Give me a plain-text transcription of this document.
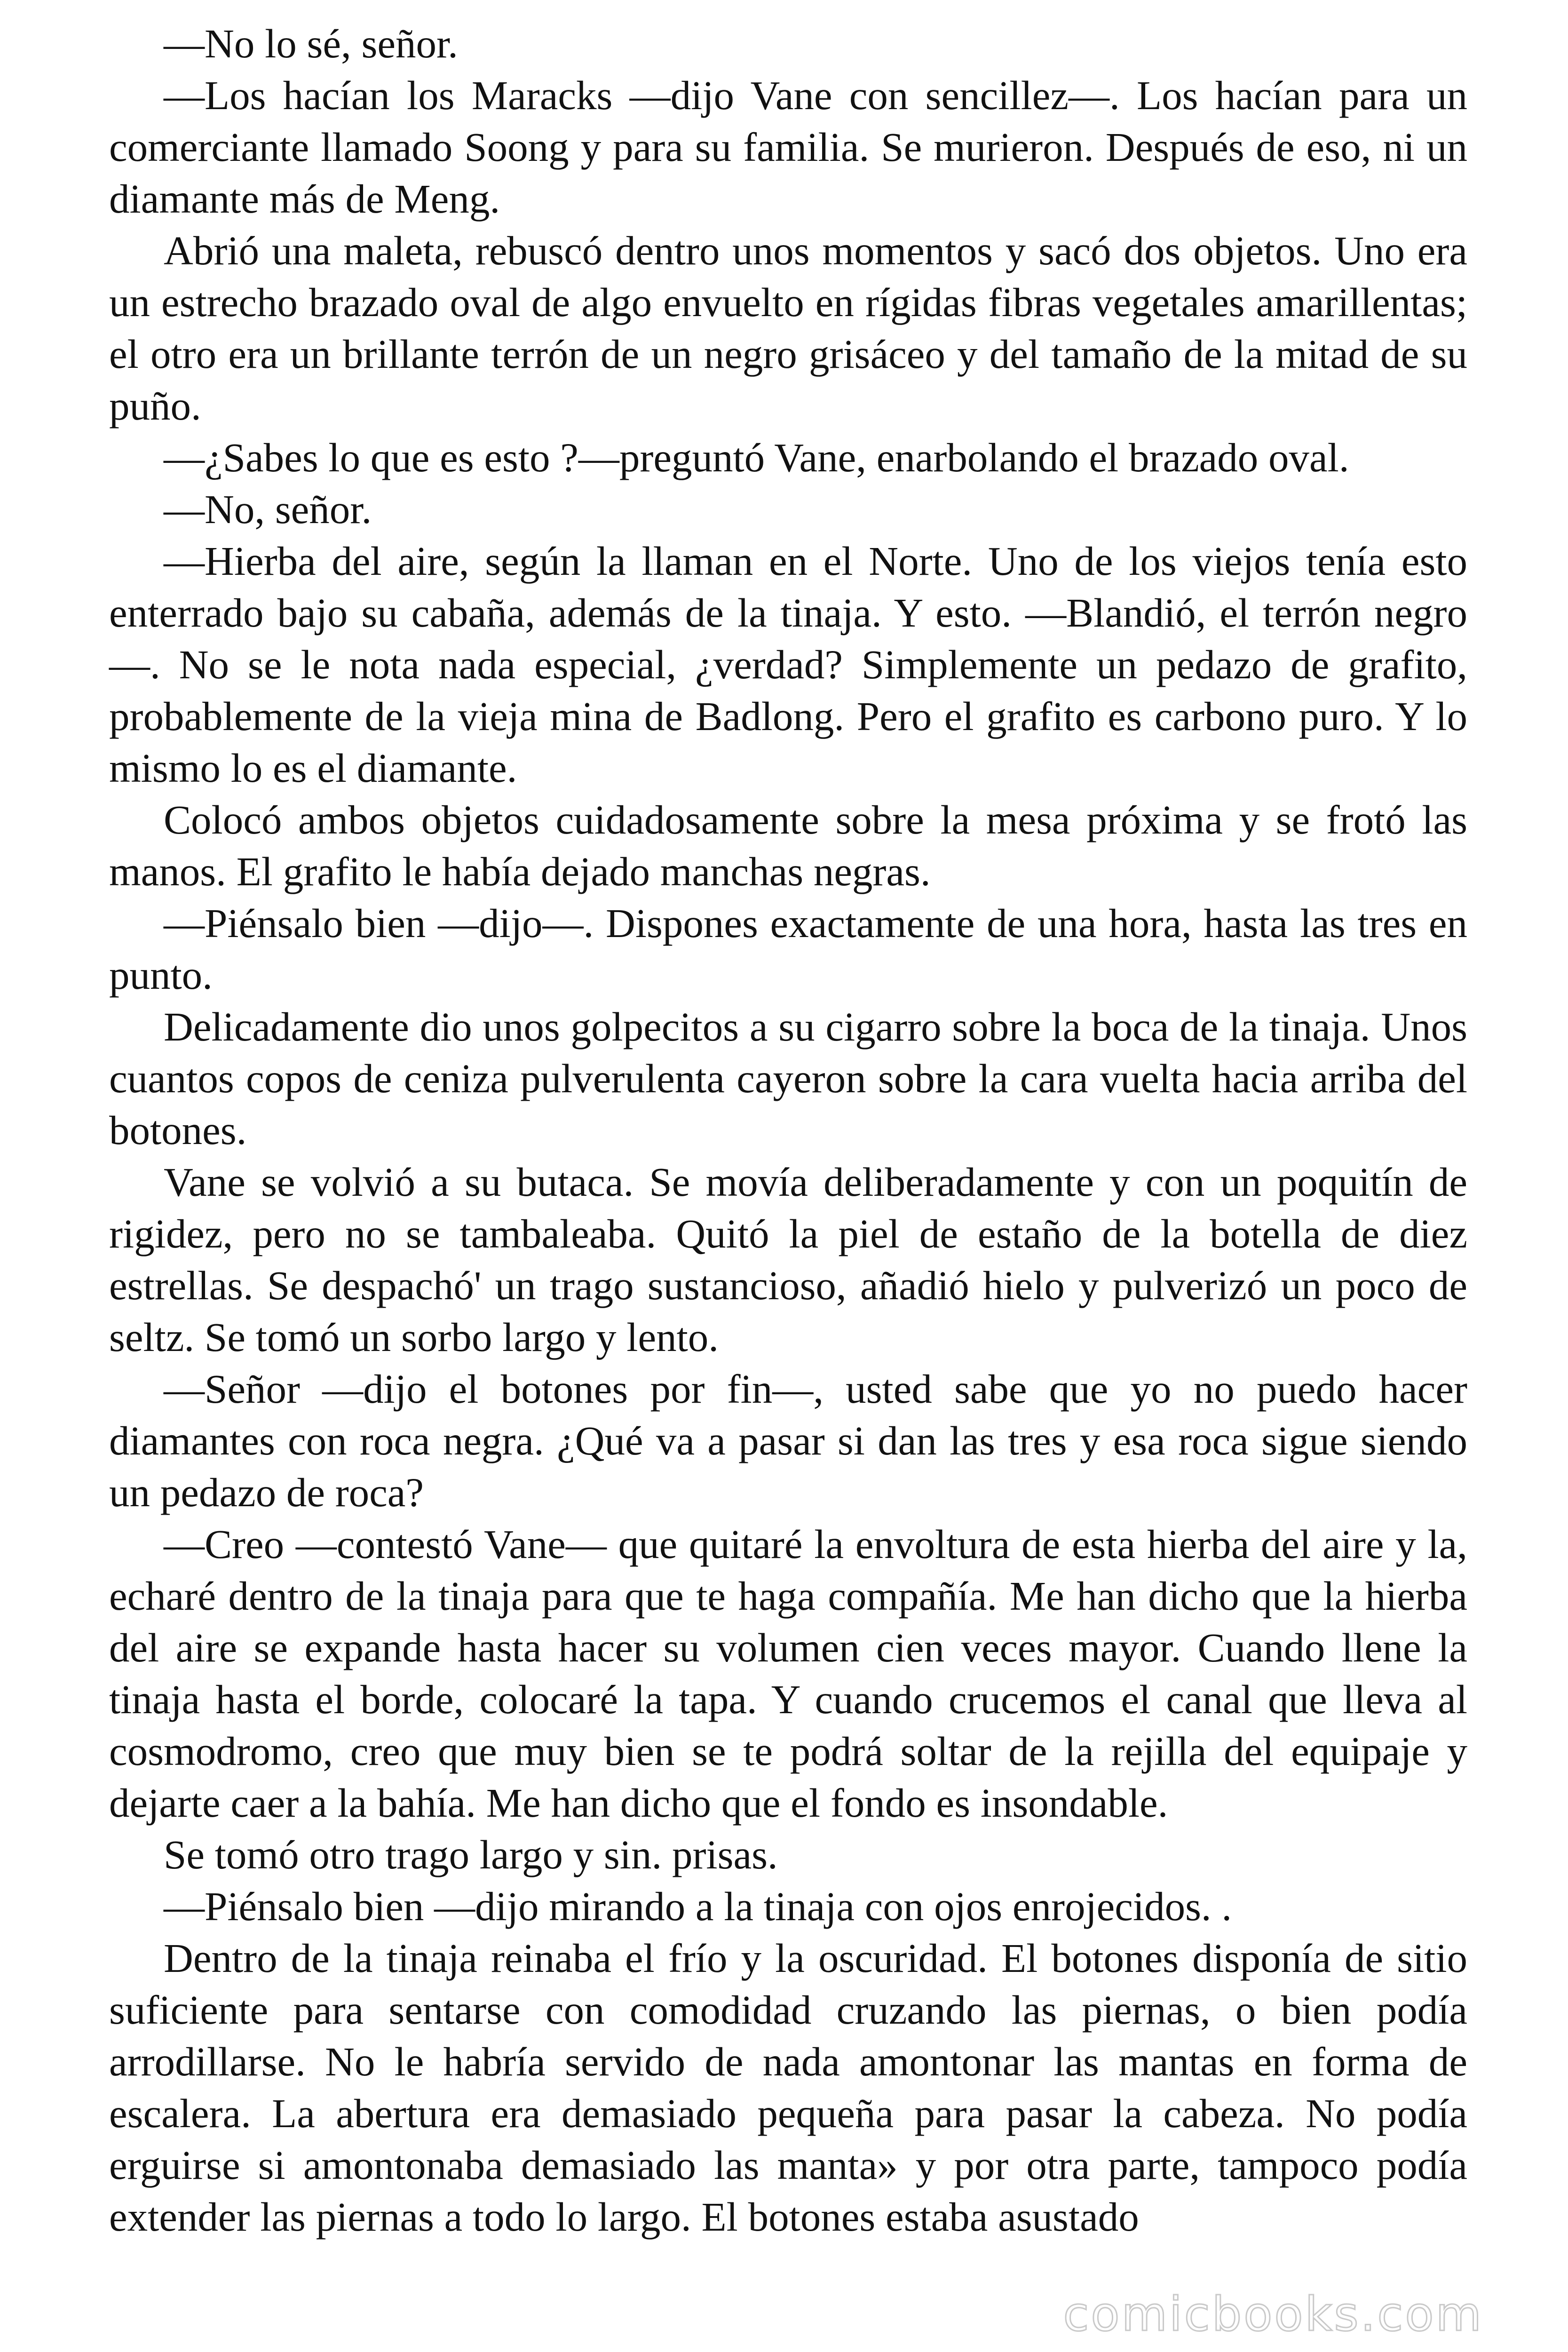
—No lo sé, señor.

—Los hacían los Maracks —dijo Vane con sencillez—. Los hacían para un comerciante llamado Soong y para su familia. Se murieron. Después de eso, ni un diamante más de Meng.

Abrió una maleta, rebuscó dentro unos momentos y sacó dos objetos. Uno era un estrecho brazado oval de algo envuelto en rígidas fibras vegetales amarillentas; el otro era un brillante terrón de un negro grisáceo y del tamaño de la mitad de su puño.

—¿Sabes lo que es esto ?—preguntó Vane, enarbolando el brazado oval.

—No, señor.

—Hierba del aire, según la llaman en el Norte. Uno de los viejos tenía esto enterrado bajo su cabaña, además de la tinaja. Y esto. —Blandió, el terrón negro—. No se le nota nada especial, ¿verdad? Simplemente un pedazo de grafito, probablemente de la vieja mina de Badlong. Pero el grafito es carbono puro. Y lo mismo lo es el diamante.

Colocó ambos objetos cuidadosamente sobre la mesa próxima y se frotó las manos. El grafito le había dejado manchas negras.

—Piénsalo bien —dijo—. Dispones exactamente de una hora, hasta las tres en punto.

Delicadamente dio unos golpecitos a su cigarro sobre la boca de la tinaja. Unos cuantos copos de ceniza pulverulenta cayeron sobre la cara vuelta hacia arriba del botones.

Vane se volvió a su butaca. Se movía deliberadamente y con un poquitín de rigidez, pero no se tambaleaba. Quitó la piel de estaño de la botella de diez estrellas. Se despachó' un trago sustancioso, añadió hielo y pulverizó un poco de seltz. Se tomó un sorbo largo y lento.

—Señor —dijo el botones por fin—, usted sabe que yo no puedo hacer diamantes con roca negra. ¿Qué va a pasar si dan las tres y esa roca sigue siendo un pedazo de roca?

—Creo —contestó Vane— que quitaré la envoltura de esta hierba del aire y la, echaré dentro de la tinaja para que te haga compañía. Me han dicho que la hierba del aire se expande hasta hacer su volumen cien veces mayor. Cuando llene la tinaja hasta el borde, colocaré la tapa. Y cuando crucemos el canal que lleva al cosmodromo, creo que muy bien se te podrá soltar de la rejilla del equipaje y dejarte caer a la bahía. Me han dicho que el fondo es insondable.

Se tomó otro trago largo y sin. prisas.

—Piénsalo bien —dijo mirando a la tinaja con ojos enrojecidos. .

Dentro de la tinaja reinaba el frío y la oscuridad. El botones disponía de sitio suficiente para sentarse con comodidad cruzando las piernas, o bien podía arrodillarse. No le habría servido de nada amontonar las mantas en forma de escalera. La abertura era demasiado pequeña para pasar la cabeza. No podía erguirse si amontonaba demasiado las manta» y por otra parte, tampoco podía extender las piernas a todo lo largo. El botones estaba asustado

comicbooks.com
